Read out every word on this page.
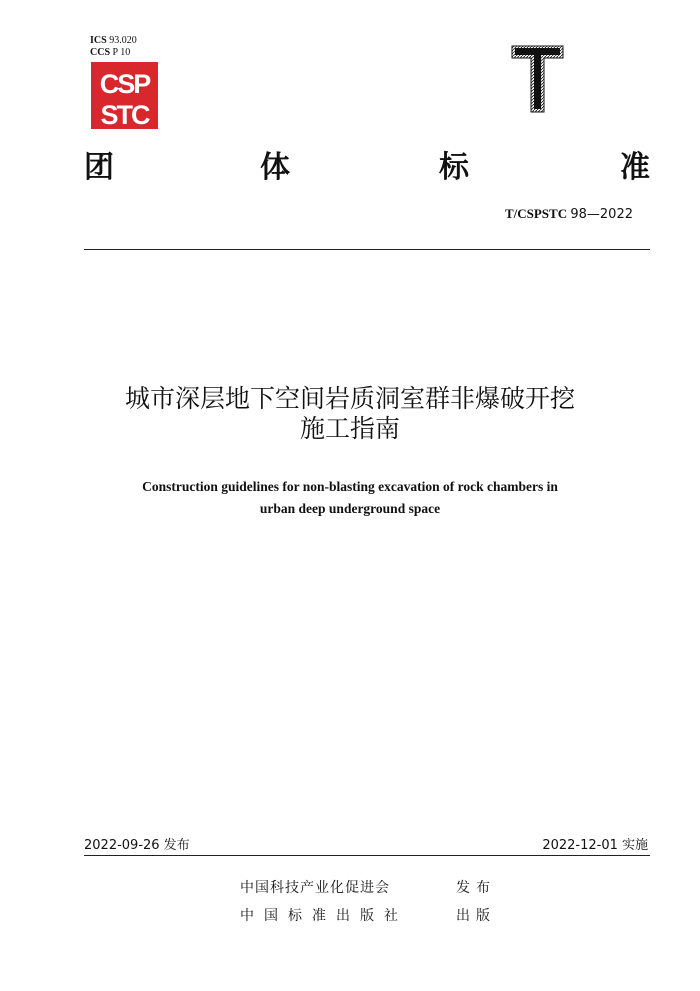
ICS 93.020
CCS P 10
CSP
STC
团	体	标	准
T/CSPSTC 98—2022
城市深层地下空间岩质洞室群非爆破开挖
施工指南
Construction guidelines for non-blasting excavation of rock chambers in
urban deep underground space
2022-09-26 发布	2022-12-01 实施
中国科技产业化促进会	发布
中国标准出版社	出版
